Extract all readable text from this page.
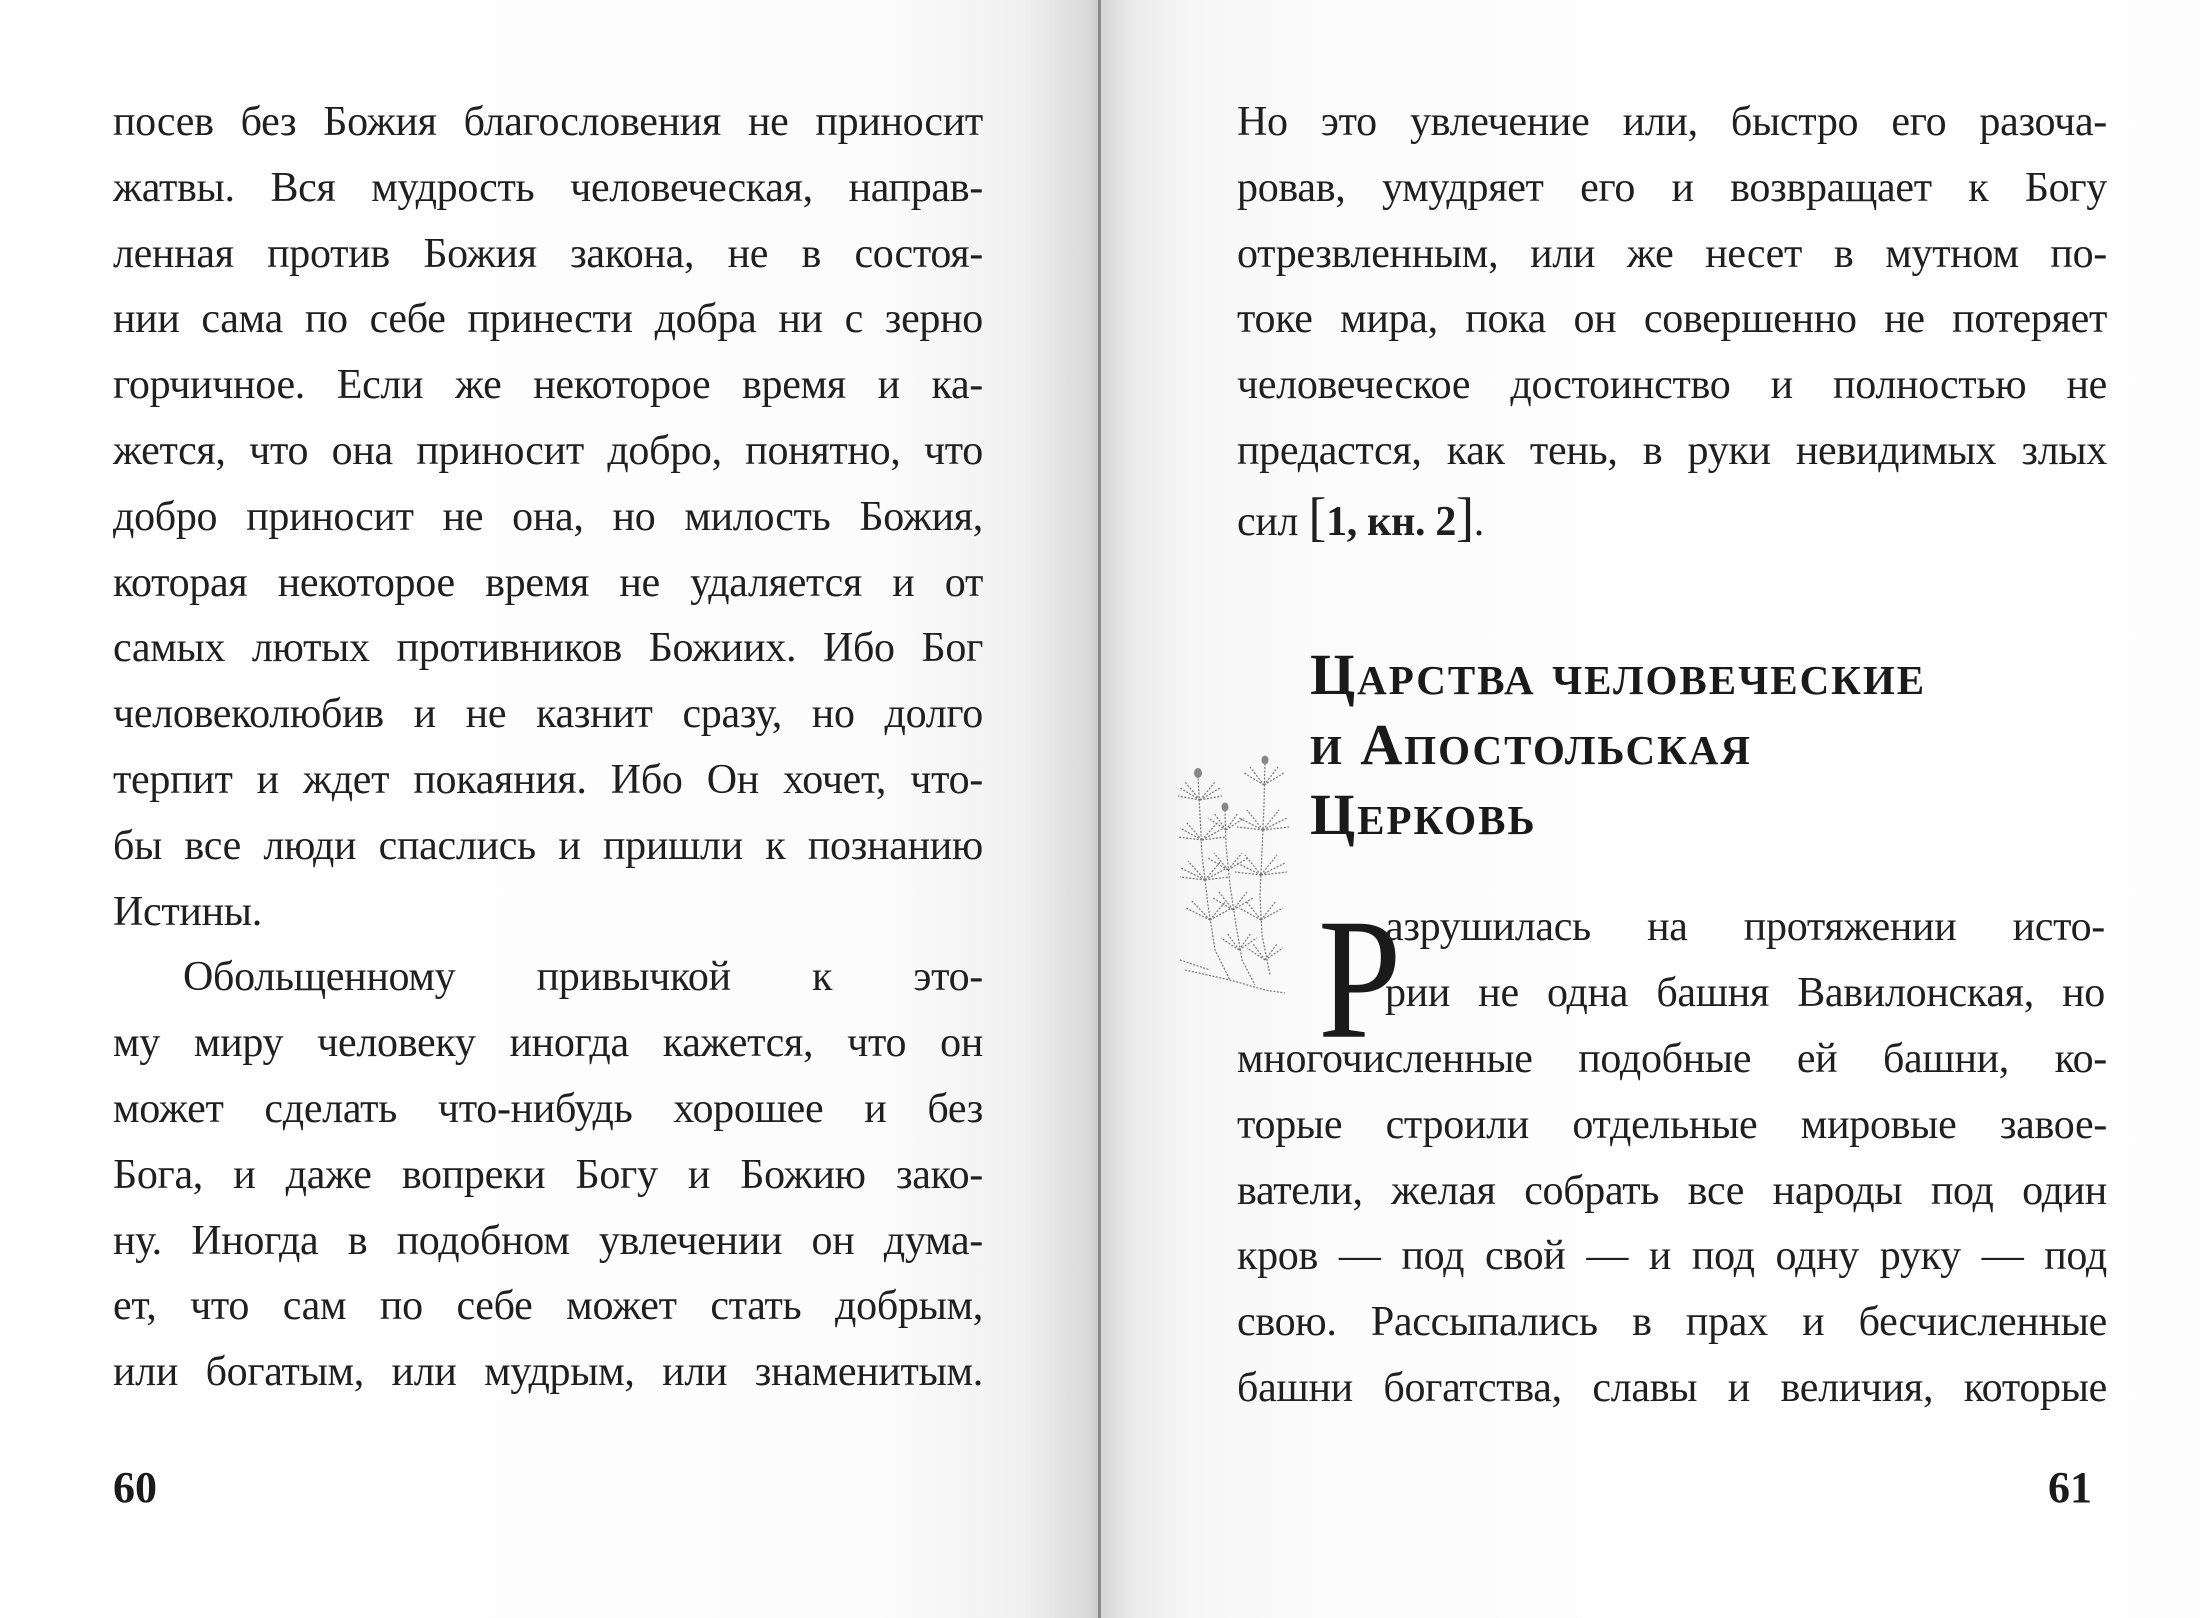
посев без Божия благословения не приносит
жатвы. Вся мудрость человеческая, направ-
ленная против Божия закона, не в состоя-
нии сама по себе принести добра ни с зерно
горчичное. Если же некоторое время и ка-
жется, что она приносит добро, понятно, что
добро приносит не она, но милость Божия,
которая некоторое время не удаляется и от
самых лютых противников Божиих. Ибо Бог
человеколюбив и не казнит сразу, но долго
терпит и ждет покаяния. Ибо Он хочет, что-
бы все люди спаслись и пришли к познанию
Истины.
Обольщенному привычкой к это-
му миру человеку иногда кажется, что он
может сделать что-нибудь хорошее и без
Бога, и даже вопреки Богу и Божию зако-
ну. Иногда в подобном увлечении он дума-
ет, что сам по себе может стать добрым,
или богатым, или мудрым, или знаменитым.
60
Но это увлечение или, быстро его разоча-
ровав, умудряет его и возвращает к Богу
отрезвленным, или же несет в мутном по-
токе мира, пока он совершенно не потеряет
человеческое достоинство и полностью не
предастся, как тень, в руки невидимых злых
сил [1, кн. 2].
Царства человеческие
и Апостольская
Церковь
Р
азрушилась на протяжении исто-
рии не одна башня Вавилонская, но
многочисленные подобные ей башни, ко-
торые строили отдельные мировые завое-
ватели, желая собрать все народы под один
кров — под свой — и под одну руку — под
свою. Рассыпались в прах и бесчисленные
башни богатства, славы и величия, которые
61
